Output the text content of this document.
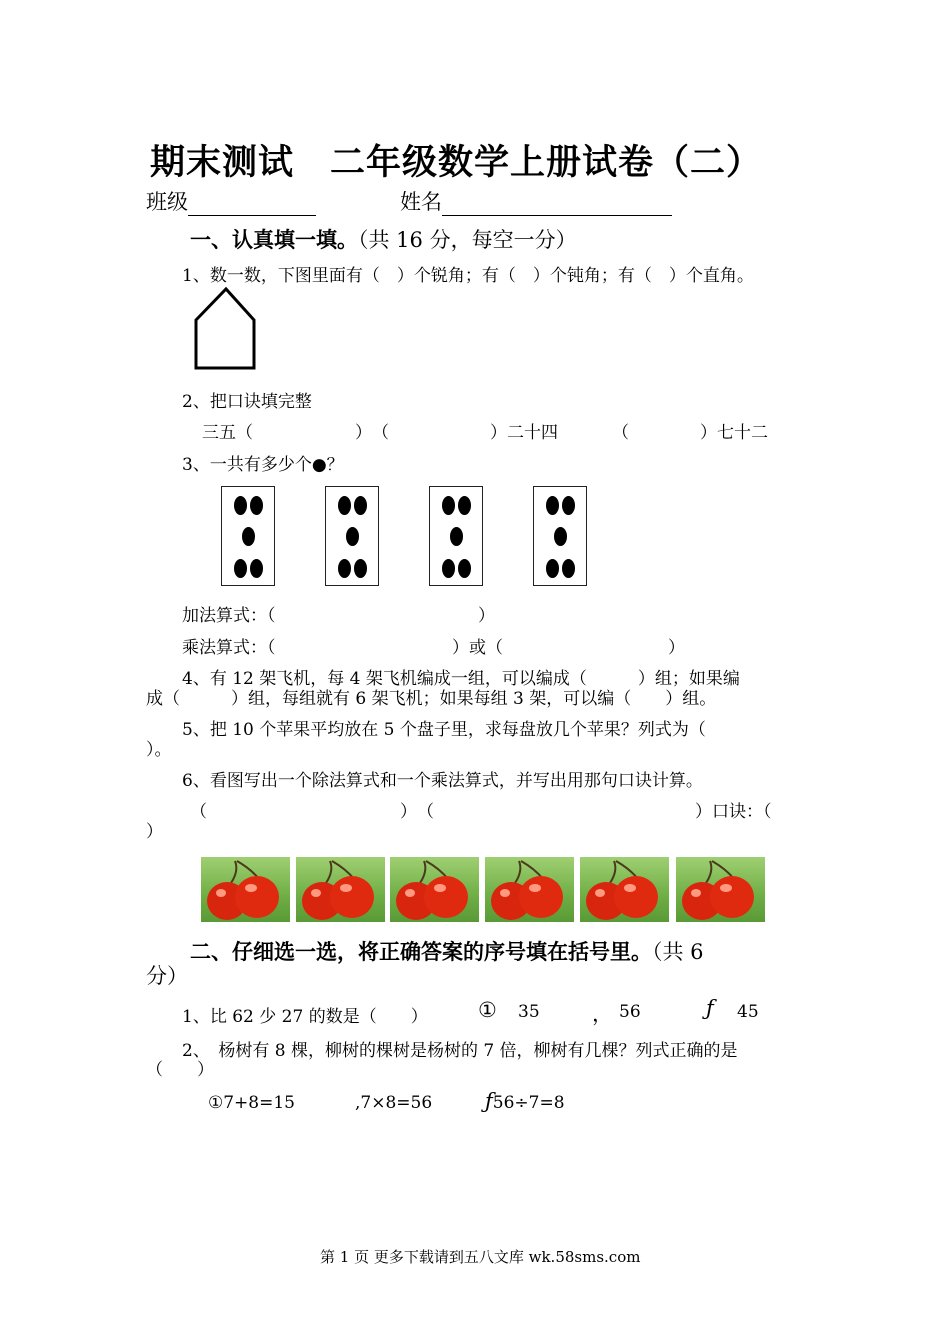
期末测试　二年级数学上册试卷（二）
班级	姓名
一、认真填一填。（共 16 分，每空一分）
1、数一数，下图里面有（　）个锐角；有（　）个钝角；有（　）个直角。
2、把口诀填完整
三五（	）　（	）二十四	（	）七十二
3、一共有多少个●？
加法算式：（	）
乘法算式：（	）或（	）
4、有 12 架飞机，每 4 架飞机编成一组，可以编成（　　　）组；如果编
成（　　　）组，每组就有 6 架飞机；如果每组 3 架，可以编（　　）组。
5、把 10 个苹果平均放在 5 个盘子里，求每盘放几个苹果？列式为（
）。
6、看图写出一个除法算式和一个乘法算式，并写出用那句口诀计算。
（	）　（	）口诀：（
）
二、仔细选一选，将正确答案的序号填在括号里。（共 6
分）
1、比 62 少 27 的数是（　　） ① 35 ， 56	ƒ 45
2、　杨树有 8 棵，柳树的棵树是杨树的 7 倍，柳树有几棵？列式正确的是
（　　）
①7+8=15	,7×8=56	ƒ56÷7=8
第 1 页 更多下载请到五八文库 wk.58sms.com
